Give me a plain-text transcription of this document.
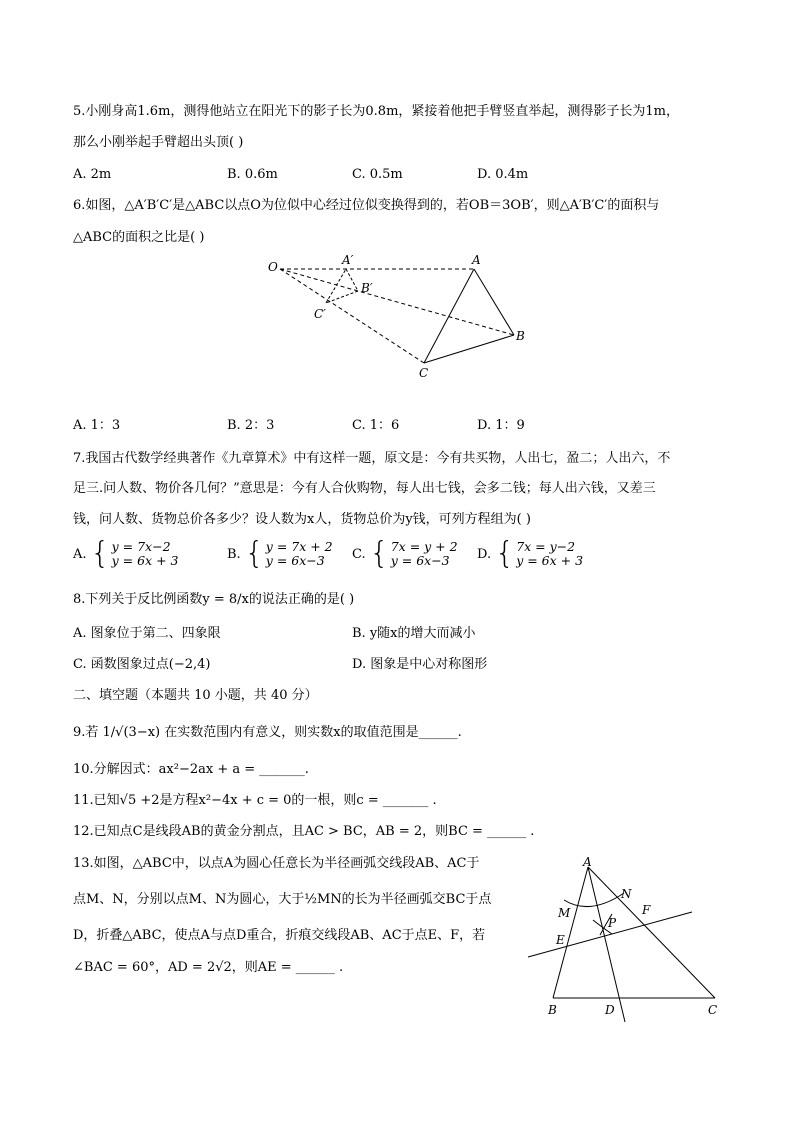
5.小刚身高1.6m，测得他站立在阳光下的影子长为0.8m，紧接着他把手臂竖直举起，测得影子长为1m，
那么小刚举起手臂超出头顶( )
A. 2m	B. 0.6m	C. 0.5m	D. 0.4m
6.如图，△A′B′C′是△ABC以点O为位似中心经过位似变换得到的，若OB＝3OB′，则△A′B′C′的面积与
△ABC的面积之比是( )
O	A′	A
B′
C′
B
C
A. 1：3	B. 2：3	C. 1：6	D. 1：9
7.我国古代数学经典著作《九章算术》中有这样一题，原文是：今有共买物，人出七，盈二；人出六，不
足三.问人数、物价各几何？”意思是：今有人合伙购物，每人出七钱，会多二钱；每人出六钱，又差三
钱，问人数、货物总价各多少？设人数为x人，货物总价为y钱，可列方程组为( )
A. { y = 7x−2
y = 6x + 3	B. { y = 7x + 2
y = 6x−3	C. { 7x = y + 2
y = 6x−3	D. { 7x = y−2
y = 6x + 3
8.下列关于反比例函数y = 8/x的说法正确的是( )
A. 图象位于第二、四象限	B. y随x的增大而减小
C. 函数图象过点(−2,4)	D. 图象是中心对称图形
二、填空题（本题共 10 小题，共 40 分）
9.若 1/√(3−x) 在实数范围内有意义，则实数x的取值范围是______.
10.分解因式：ax²−2ax + a = _______.
11.已知√5 +2是方程x²−4x + c = 0的一根，则c = _______ .
12.已知点C是线段AB的黄金分割点，且AC > BC，AB = 2，则BC = ______ .
13.如图，△ABC中，以点A为圆心任意长为半径画弧交线段AB、AC于
点M、N，分别以点M、N为圆心，大于½MN的长为半径画弧交BC于点
D，折叠△ABC，使点A与点D重合，折痕交线段AB、AC于点E、F，若
∠BAC = 60°，AD = 2√2，则AE = ______ .
A
N
M
P
F
E
B	D	C
